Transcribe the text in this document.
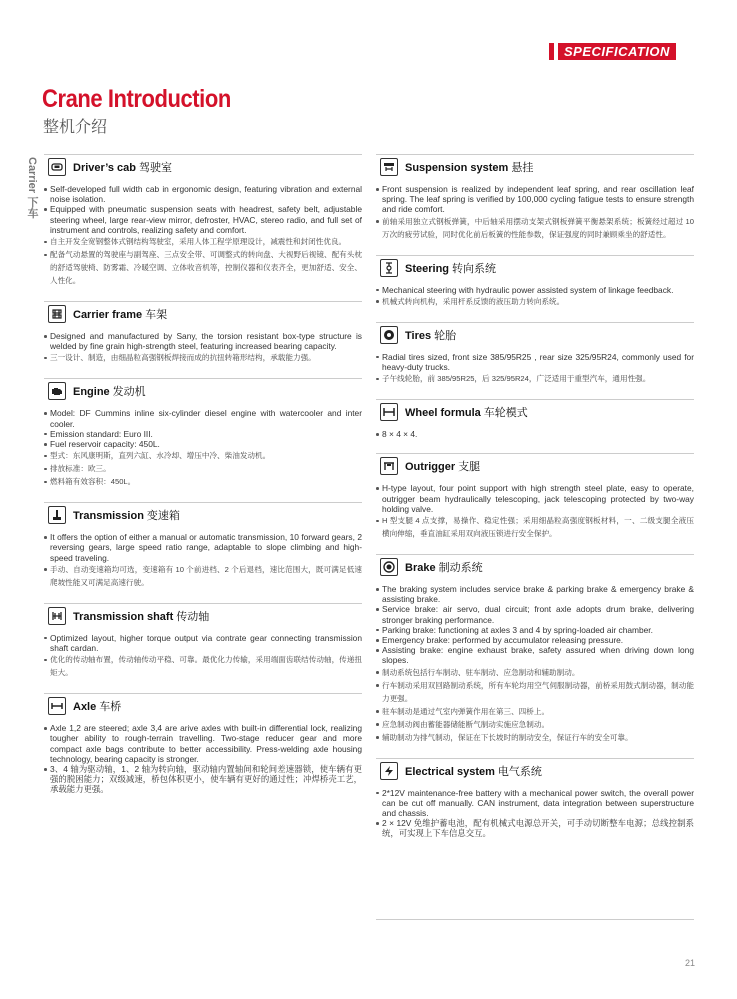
SPECIFICATION
Crane Introduction
整机介绍
Carrier 下车	Driver’s cab 驾驶室
Self-developed full width cab in ergonomic design, featuring vibration and external noise isolation.
Equipped with pneumatic suspension seats with headrest, safety belt, adjustable steering wheel, large rear-view mirror, defroster, HVAC, stereo radio, and full set of instrument and controls, realizing safety and comfort.
自主开发全宽钢整体式钢结构驾驶室，采用人体工程学原理设计，减震性和封闭性优良。
配备气动悬置的驾驶座与副驾座、三点安全带、可调整式的转向盘、大视野后视镜、配有头枕的舒适驾驶椅、防雾霜、冷暖空调、立体收音机等，控制仪器和仪表齐全，更加舒适、安全、人性化。
Carrier frame 车架
Designed and manufactured by Sany, the torsion resistant box-type structure is welded by fine grain high-strength steel, featuring increased bearing capacity.
三一设计、制造，由细晶粒高强钢板焊接而成的抗扭转箱形结构，承载能力强。
Engine 发动机
Model: DF Cummins inline six-cylinder diesel engine with watercooler and inter cooler.
Emission standard: Euro III.
Fuel reservoir capacity: 450L.
型式：东风康明斯，直列六缸、水冷却、增压中冷、柴油发动机。
排放标准：欧三。
燃料箱有效容积：450L。
Transmission 变速箱
It offers the option of either a manual or automatic transmission, 10 forward gears, 2 reversing gears, large speed ratio range, adaptable to slope climbing and high-speed traveling.
手动、自动变速箱均可选，变速箱有 10 个前进档、2 个后退档，速比范围大，既可满足低速爬坡性能又可满足高速行驶。
Transmission shaft 传动轴
Optimized layout, higher torque output via contrate gear connecting transmission shaft cardan.
优化的传动轴布置，传动轴传动平稳、可靠。最优化力传输，采用端面齿联结传动轴，传递扭矩大。
Axle 车桥
Axle 1,2 are steered; axle 3,4 are arive axles with built-in differential lock, realizing tougher ability to rough-terrain travelling. Two-stage reducer gear and more compact axle bags contribute to better accessibility. Press-welding axle housing technology, bearing capacity is stronger.
3、4 轴为驱动轴，1、2 轴为转向轴，驱动轴内置轴间和轮间差速器锁，使车辆有更强的脱困能力；双级减速，桥包体积更小，使车辆有更好的通过性；冲焊桥壳工艺，承载能力更强。
Suspension system 悬挂
Front suspension is realized by independent leaf spring, and rear oscillation leaf spring. The leaf spring is verified by 100,000 cycling fatigue tests to ensure strength and ride comfort.
前轴采用独立式钢板弹簧，中后轴采用摆动支架式钢板弹簧平衡悬架系统；板簧经过超过 10 万次的疲劳试验，同时优化前后板簧的性能参数，保证强度的同时兼顾乘坐的舒适性。
Steering 转向系统
Mechanical steering with hydraulic power assisted system of linkage feedback.
机械式转向机构，采用杆系反馈的液压助力转向系统。
Tires 轮胎
Radial tires sized, front size 385/95R25 , rear size 325/95R24, commonly used for heavy-duty trucks.
子午线轮胎，前 385/95R25，后 325/95R24，广泛适用于重型汽车，通用性强。
Wheel formula 车轮模式
8 × 4 × 4.
Outrigger 支腿
H-type layout, four point support with high strength steel plate, easy to operate, outrigger beam hydraulically telescoping, jack telescoping protected by two-way holding valve.
H 型支腿 4 点支撑，易操作、稳定性强；采用细晶粒高强度钢板材料，一、二级支腿全液压横向伸缩，垂直油缸采用双向液压锁进行安全保护。
Brake 制动系统
The braking system includes service brake & parking brake & emergency brake & assisting brake.
Service brake: air servo, dual circuit; front axle adopts drum brake, delivering stronger braking performance.
Parking brake: functioning at axles 3 and 4 by spring-loaded air chamber.
Emergency brake: performed by accumulator releasing pressure.
Assisting brake: engine exhaust brake, safety assured when driving down long slopes.
制动系统包括行车制动、驻车制动、应急制动和辅助制动。
行车制动采用双回路制动系统，所有车轮均用空气伺服制动器，前桥采用鼓式制动器，制动能力更强。
驻车制动是通过气室内弹簧作用在第三、四桥上。
应急制动阀由蓄能器储能断气制动实施应急制动。
辅助制动为排气制动，保证在下长坡时的制动安全，保证行车的安全可靠。
Electrical system 电气系统
2*12V maintenance-free battery with a mechanical power switch, the overall power can be cut off manually. CAN instrument, data integration between superstructure and chassis.
2 × 12V 免维护蓄电池，配有机械式电源总开关，可手动切断整车电源；总线控制系统，可实现上下车信息交互。
21
